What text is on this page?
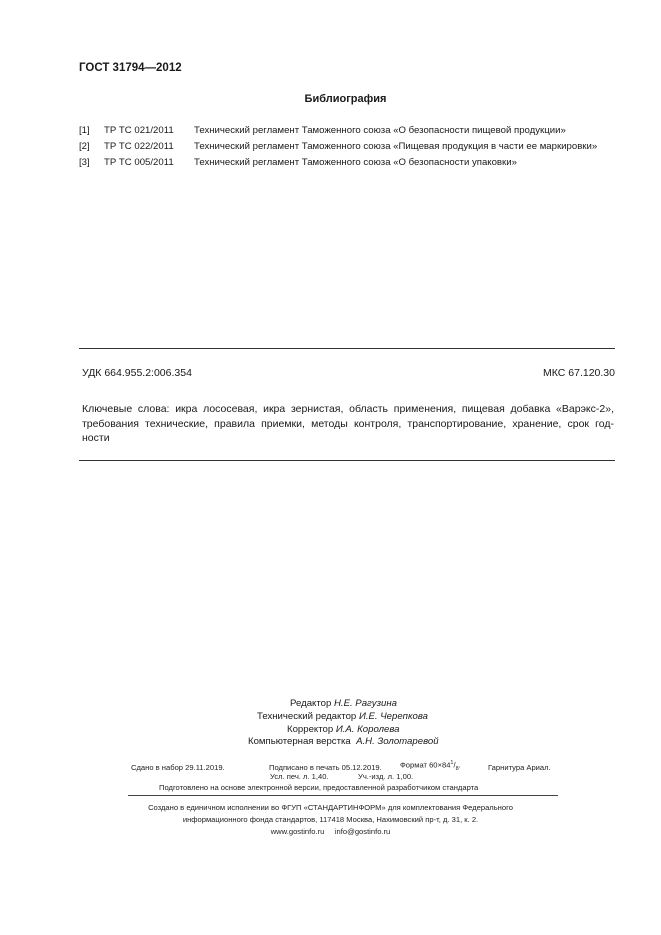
ГОСТ 31794—2012
Библиография
[1] ТР ТС 021/2011 Технический регламент Таможенного союза «О безопасности пищевой продукции»
[2] ТР ТС 022/2011 Технический регламент Таможенного союза «Пищевая продукция в части ее маркировки»
[3] ТР ТС 005/2011 Технический регламент Таможенного союза «О безопасности упаковки»
УДК 664.955.2:006.354	МКС 67.120.30
Ключевые слова: икра лососевая, икра зернистая, область применения, пищевая добавка «Варэкс-2»,
требования технические, правила приемки, методы контроля, транспортирование, хранение, срок год-
ности
Редактор Н.Е. Рагузина
Технический редактор И.Е. Черепкова
Корректор И.А. Королева
Компьютерная верстка А.Н. Золотаревой
Сдано в набор 29.11.2019.	Подписано в печать 05.12.2019. Формат $60\times 84^1/_8$.	Гарнитура Ариал.
Усл. печ. л. 1,40.	Уч.-изд. л. 1,00.
Подготовлено на основе электронной версии, предоставленной разработчиком стандарта
Создано в единичном исполнении во ФГУП «СТАНДАРТИНФОРМ» для комплектования Федерального
информационного фонда стандартов, 117418 Москва, Нахимовский пр-т, д. 31, к. 2.
www.gostinfo.ru info@gostinfo.ru
